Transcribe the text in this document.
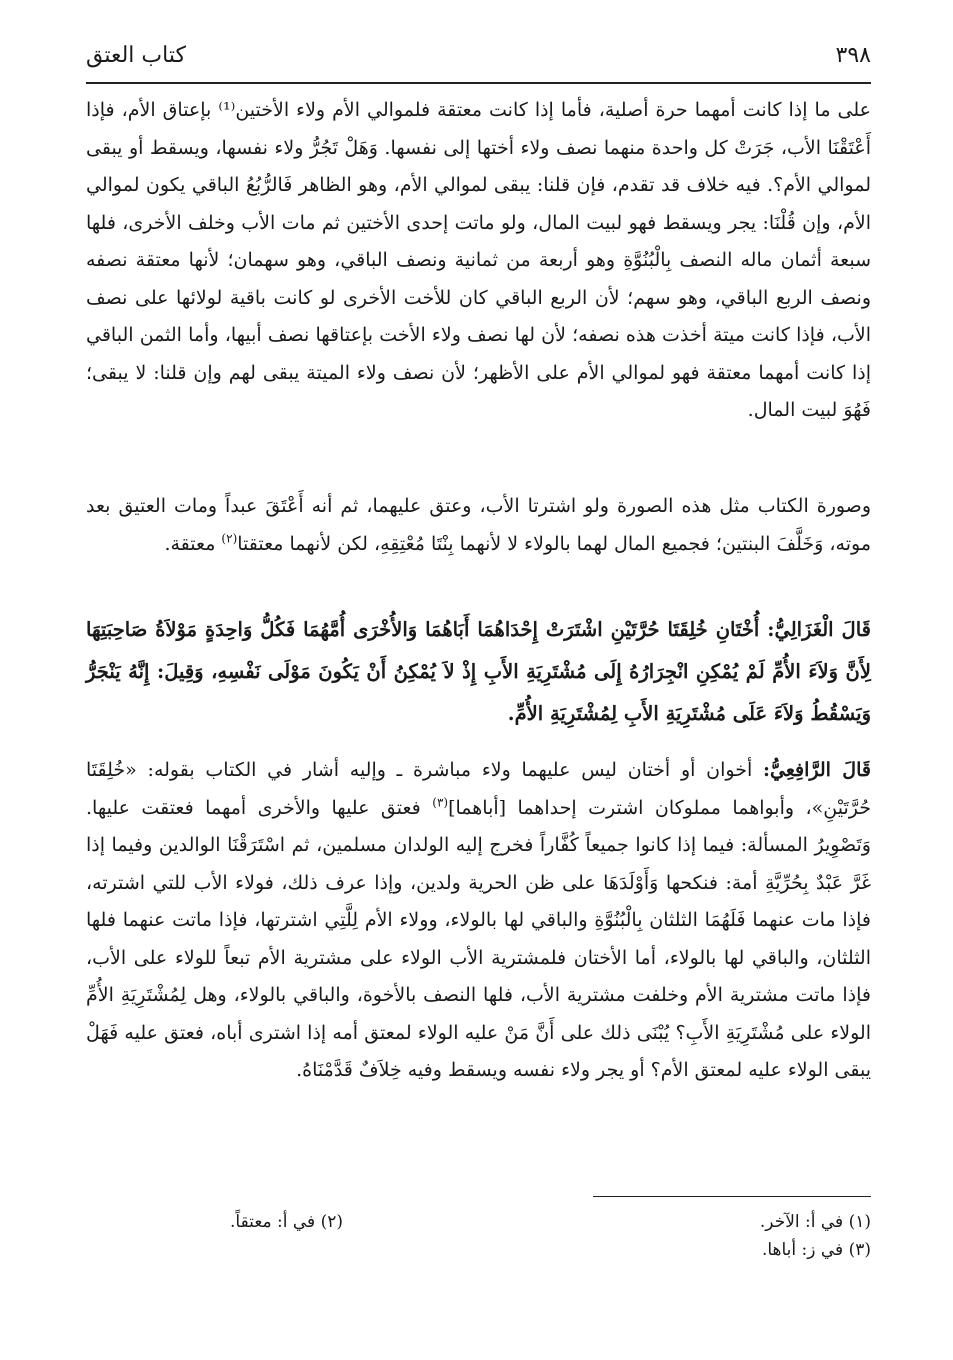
كتاب العتق	٣٩٨

على ما إذا كانت أمهما حرة أصلية، فأما إذا كانت معتقة فلموالي الأم ولاء الأختين⁽¹⁾ بإعتاق الأم، فإذا أَعْتَقْنَا الأب، جَرَتْ كل واحدة منهما نصف ولاء أختها إلى نفسها. وَهَلْ تَجُرُّ ولاء نفسها، ويسقط أو يبقى لموالي الأم؟. فيه خلاف قد تقدم، فإن قلنا: يبقى لموالي الأم، وهو الظاهر فَالرُّبُعُ الباقي يكون لموالي الأم، وإن قُلْنَا: يجر ويسقط فهو لبيت المال، ولو ماتت إحدى الأختين ثم مات الأب وخلف الأخرى، فلها سبعة أثمان ماله النصف بِالْبُنُوَّةِ وهو أربعة من ثمانية ونصف الباقي، وهو سهمان؛ لأنها معتقة نصفه ونصف الربع الباقي، وهو سهم؛ لأن الربع الباقي كان للأخت الأخرى لو كانت باقية لولائها على نصف الأب، فإذا كانت ميتة أخذت هذه نصفه؛ لأن لها نصف ولاء الأخت بإعتاقها نصف أبيها، وأما الثمن الباقي إذا كانت أمهما معتقة فهو لموالي الأم على الأظهر؛ لأن نصف ولاء الميتة يبقى لهم وإن قلنا: لا يبقى؛ فَهُوَ لبيت المال.

وصورة الكتاب مثل هذه الصورة ولو اشترتا الأب، وعتق عليهما، ثم أنه أَعْتَقَ عبداً ومات العتيق بعد موته، وَخَلَّفَ البنتين؛ فجميع المال لهما بالولاء لا لأنهما بِنْتَا مُعْتِقِهِ، لكن لأنهما معتقتا$^{(٢)}$ معتقة.

قَالَ الْغَزَالِيُّ: أُخْتَانِ خُلِقَتَا حُرَّتَيْنِ اشْتَرَتْ إِحْدَاهُمَا أَبَاهُمَا وَالأُخْرَى أُمَّهُمَا فَكُلُّ وَاحِدَةٍ مَوْلاَةُ صَاحِبَتِهَا لِأَنَّ وَلاَءَ الأُمِّ لَمْ يُمْكِنِ انْجِرَارُهُ إِلَى مُشْتَرِيَةِ الأَبِ إِذْ لاَ يُمْكِنُ أَنْ يَكُونَ مَوْلَى نَفْسِهِ، وَقِيلَ: إِنَّهُ يَنْجَرُّ وَيَسْقُطُ وَلاَءَ عَلَى مُشْتَرِيَةِ الأَبِ لِمُشْتَرِيَةِ الأُمِّ.

قَالَ الرَّافِعِيُّ: أخوان أو أختان ليس عليهما ولاء مباشرة ـ وإليه أشار في الكتاب بقوله: «خُلِقَتَا حُرَّتَيْنِ»، وأبواهما مملوكان اشترت إحداهما [أباهما]$^{(٣)}$ فعتق عليها والأخرى أمهما فعتقت عليها. وَتَصْوِيرُ المسألة: فيما إذا كانوا جميعاً كُفَّاراً فخرج إليه الولدان مسلمين، ثم اسْتَرَقْنَا الوالدين وفيما إذا غَرَّ عَبْدٌ بِحُرِّيَّةِ أمة: فنكحها وَأَوْلَدَهَا على ظن الحرية ولدين، وإذا عرف ذلك، فولاء الأب للتي اشترته، فإذا مات عنهما فَلَهُمَا الثلثان بِالْبُنُوَّةِ والباقي لها بالولاء، وولاء الأم لِلَّتِي اشترتها، فإذا ماتت عنهما فلها الثلثان، والباقي لها بالولاء، أما الأختان فلمشترية الأب الولاء على مشترية الأم تبعاً للولاء على الأب، فإذا ماتت مشترية الأم وخلفت مشترية الأب، فلها النصف بالأخوة، والباقي بالولاء، وهل لِمُشْتَرِيَةِ الأُمِّ الولاء على مُشْتَرِيَةِ الأَبِ؟ يُبْنَى ذلك على أَنَّ مَنْ عليه الولاء لمعتق أمه إذا اشترى أباه، فعتق عليه فَهَلْ يبقى الولاء عليه لمعتق الأم؟ أو يجر ولاء نفسه ويسقط وفيه خِلاَفٌ قَدَّمْنَاهُ.

(١) في أ: الآخر.
(٢) في أ: معتقاً.
(٣) في ز: أباها.
